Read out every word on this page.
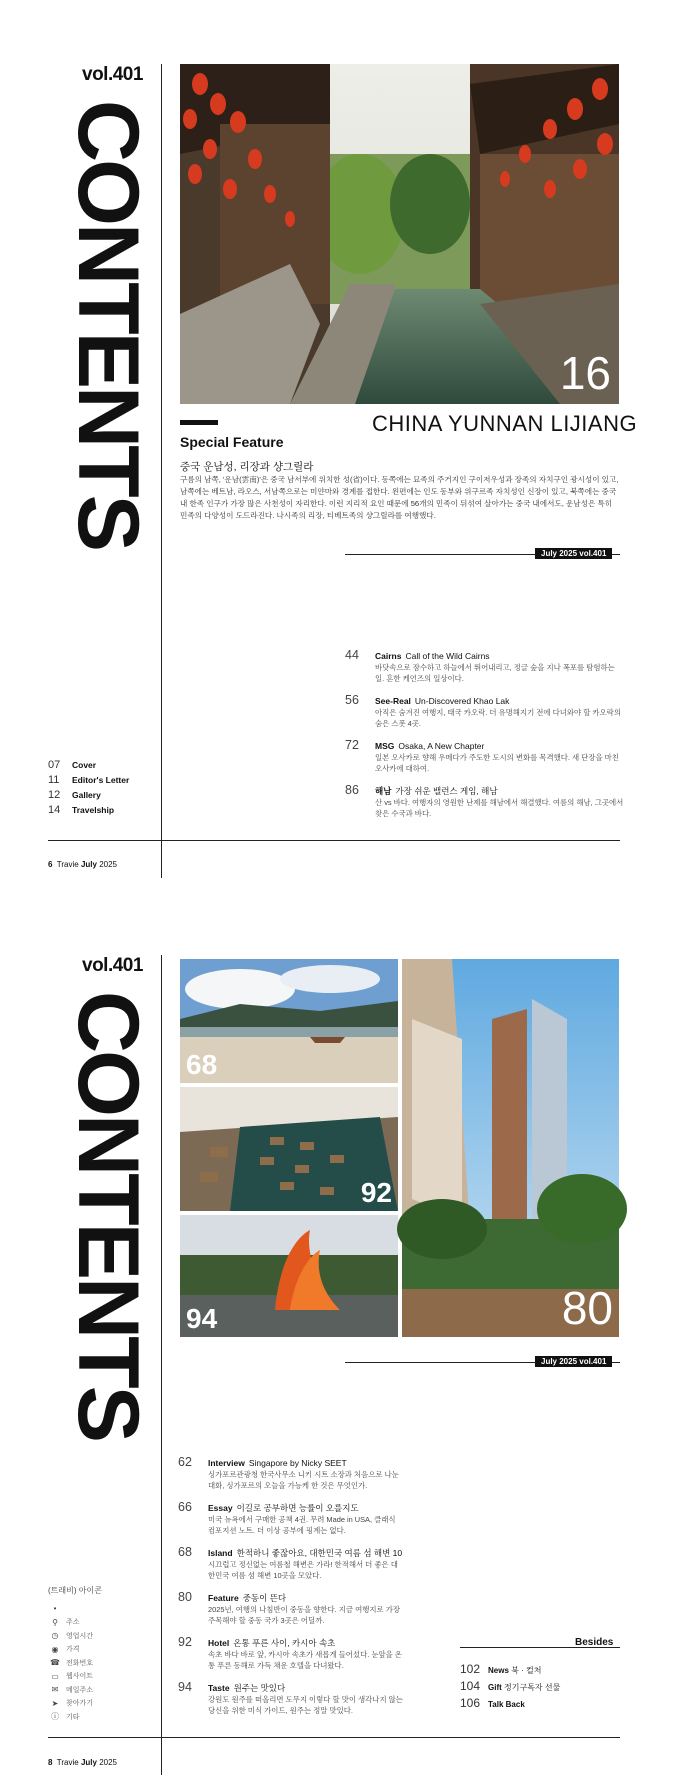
vol.401
CONTENTS	16
CHINA YUNNAN LIJIANG
Special Feature
중국 운남성, 리장과 샹그릴라
구름의 남쪽, '운남(雲南)'은 중국 남서부에 위치한 성(省)이다. 동쪽에는 묘족의 주거지인 구이저우성과 장족의 자치구인 광시성이 있고, 남쪽에는 베트남, 라오스, 서남쪽으로는 미얀마와 경계를 접한다. 왼편에는 인도 동부와 위구르족 자치성인 신장이 있고, 북쪽에는 중국 내 한족 인구가 가장 많은 사천성이 자리한다. 이런 지리적 요인 때문에 56개의 민족이 뒤섞여 살아가는 중국 내에서도, 운남성은 특히 민족의 다양성이 도드라진다. 나시족의 리장, 티베트족의 샹그릴라를 여행했다.
July 2025 vol.401
44 Cairns Call of the Wild Cairns
바닷속으로 잠수하고 하늘에서 뛰어내리고, 정글 숲을 지나 폭포를 탐험하는 일. 흔한 케언즈의 일상이다.
56 See-Real Un-Discovered Khao Lak
아직은 숨겨진 여행지, 태국 카오락. 더 유명해지기 전에 다녀와야 할 카오락의 숨은 스폿 4곳.
72 MSG Osaka, A New Chapter
일본 오사카로 향해 우메다가 주도한 도시의 변화를 목격했다. 새 단장을 마친 오사카에 대하여.
86 해남 가장 쉬운 밸런스 게임, 해남
산 vs 바다. 여행자의 영원한 난제를 해남에서 해결했다. 여름의 해남, 그곳에서 찾은 수국과 바다.
07	Cover
11	Editor's Letter
12	Gallery
14	Travelship
6 Travie July 2025
vol.401
CONTENTS 68
92
94	80
July 2025 vol.401
62 Interview Singapore by Nicky SEET
싱가포르관광청 한국사무소 니키 시트 소장과 처음으로 나눈 대화, 싱가포르의 오늘을 가능케 한 것은 무엇인가.
66 Essay 이길로 공부하면 능률이 오를지도
미국 뉴욕에서 구매한 공책 4권. 무려 Made in USA, 클래식 컴포지션 노트. 더 이상 공부에 핑계는 없다.
68 Island 한적하니 좋잖아요, 대한민국 여름 섬 해변 10
시끄럽고 정신없는 여름철 해변은 가라! 한적해서 더 좋은 대한민국 여름 섬 해변 10곳을 모았다.
80 Feature 중동이 뜬다
2025년, 여행의 나침반이 중동을 향한다. 지금 여행지로 가장 주목해야 할 중동 국가 3곳은 어딜까.
92 Hotel 온통 푸른 사이, 카시아 속초
속초 바다 바로 앞, 카시아 속초가 새롭게 들어섰다. 눈앞을 온통 푸른 동해로 가득 채운 호텔을 다녀왔다.
94 Taste 원주는 맛있다
강원도 원주를 떠올리면 도무지 이렇다 할 맛이 생각나지 않는 당신을 위한 미식 가이드, 원주는 정말 맛있다.
8 Travie July 2025
(트래비) 아이콘
•
⚲	주소
◷	영업시간
◉	가격
☎ 전화번호
▭	웹사이트
✉	메일주소
➤	찾아가기
ⓘ	기타
Besides
102 News 북 · 컬처
104 Gift 정기구독자 선물
106 Talk Back
